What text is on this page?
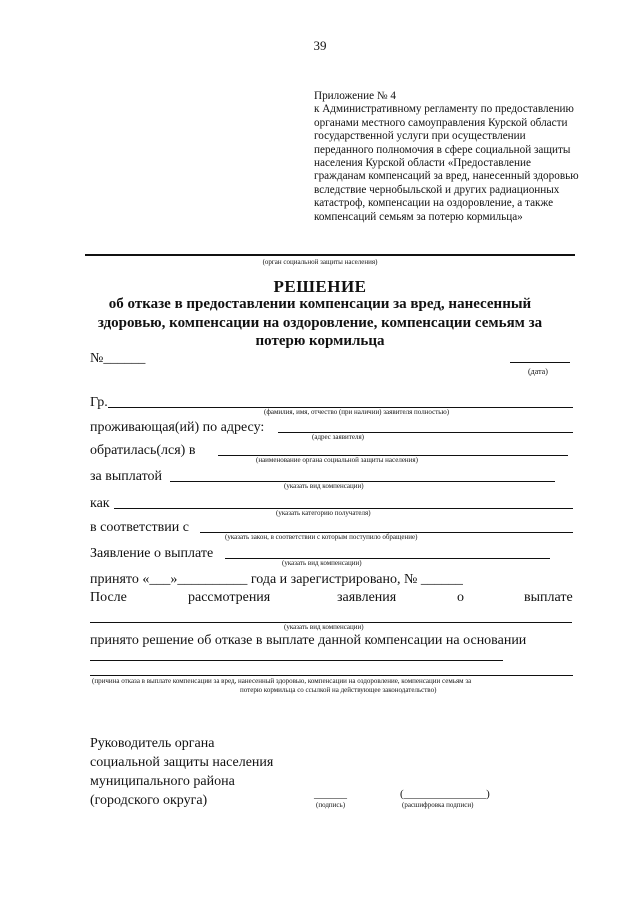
39
Приложение № 4
к Административному регламенту по предоставлению органами местного самоуправления Курской области государственной услуги при осуществлении переданного полномочия в сфере социальной защиты населения Курской области «Предоставление гражданам компенсаций за вред, нанесенный здоровью вследствие чернобыльской и других радиационных катастроф, компенсации на оздоровление, а также компенсаций семьям за потерю кормильца»
(орган социальной защиты населения)
РЕШЕНИЕ
об отказе в предоставлении компенсации за вред, нанесенный
здоровью, компенсации на оздоровление, компенсации семьям за
потерю кормильца
№______
(дата)
Гр.
(фамилия, имя, отчество (при наличии) заявителя полностью)
проживающая(ий) по адресу:
(адрес заявителя)
обратилась(лся) в
(наименование органа социальной защиты населения)
за выплатой
(указать вид компенсации)
как
(указать категорию получателя)
в соответствии с
(указать закон, в соответствии с которым поступило обращение)
Заявление о выплате
(указать вид компенсации)
принято «___»__________ года и зарегистрировано, № ______
После	рассмотрения	заявления	о	выплате
(указать вид компенсации)
принято решение об отказе в выплате данной компенсации на основании
(причина отказа в выплате компенсации за вред, нанесенный здоровью, компенсации на оздоровление, компенсации семьям за
потерю кормильца со ссылкой на действующее законодательство)
Руководитель органа
социальной защиты населения
муниципального района
(городского округа)	______	(_______________)
(подпись)	(расшифровка подписи)
